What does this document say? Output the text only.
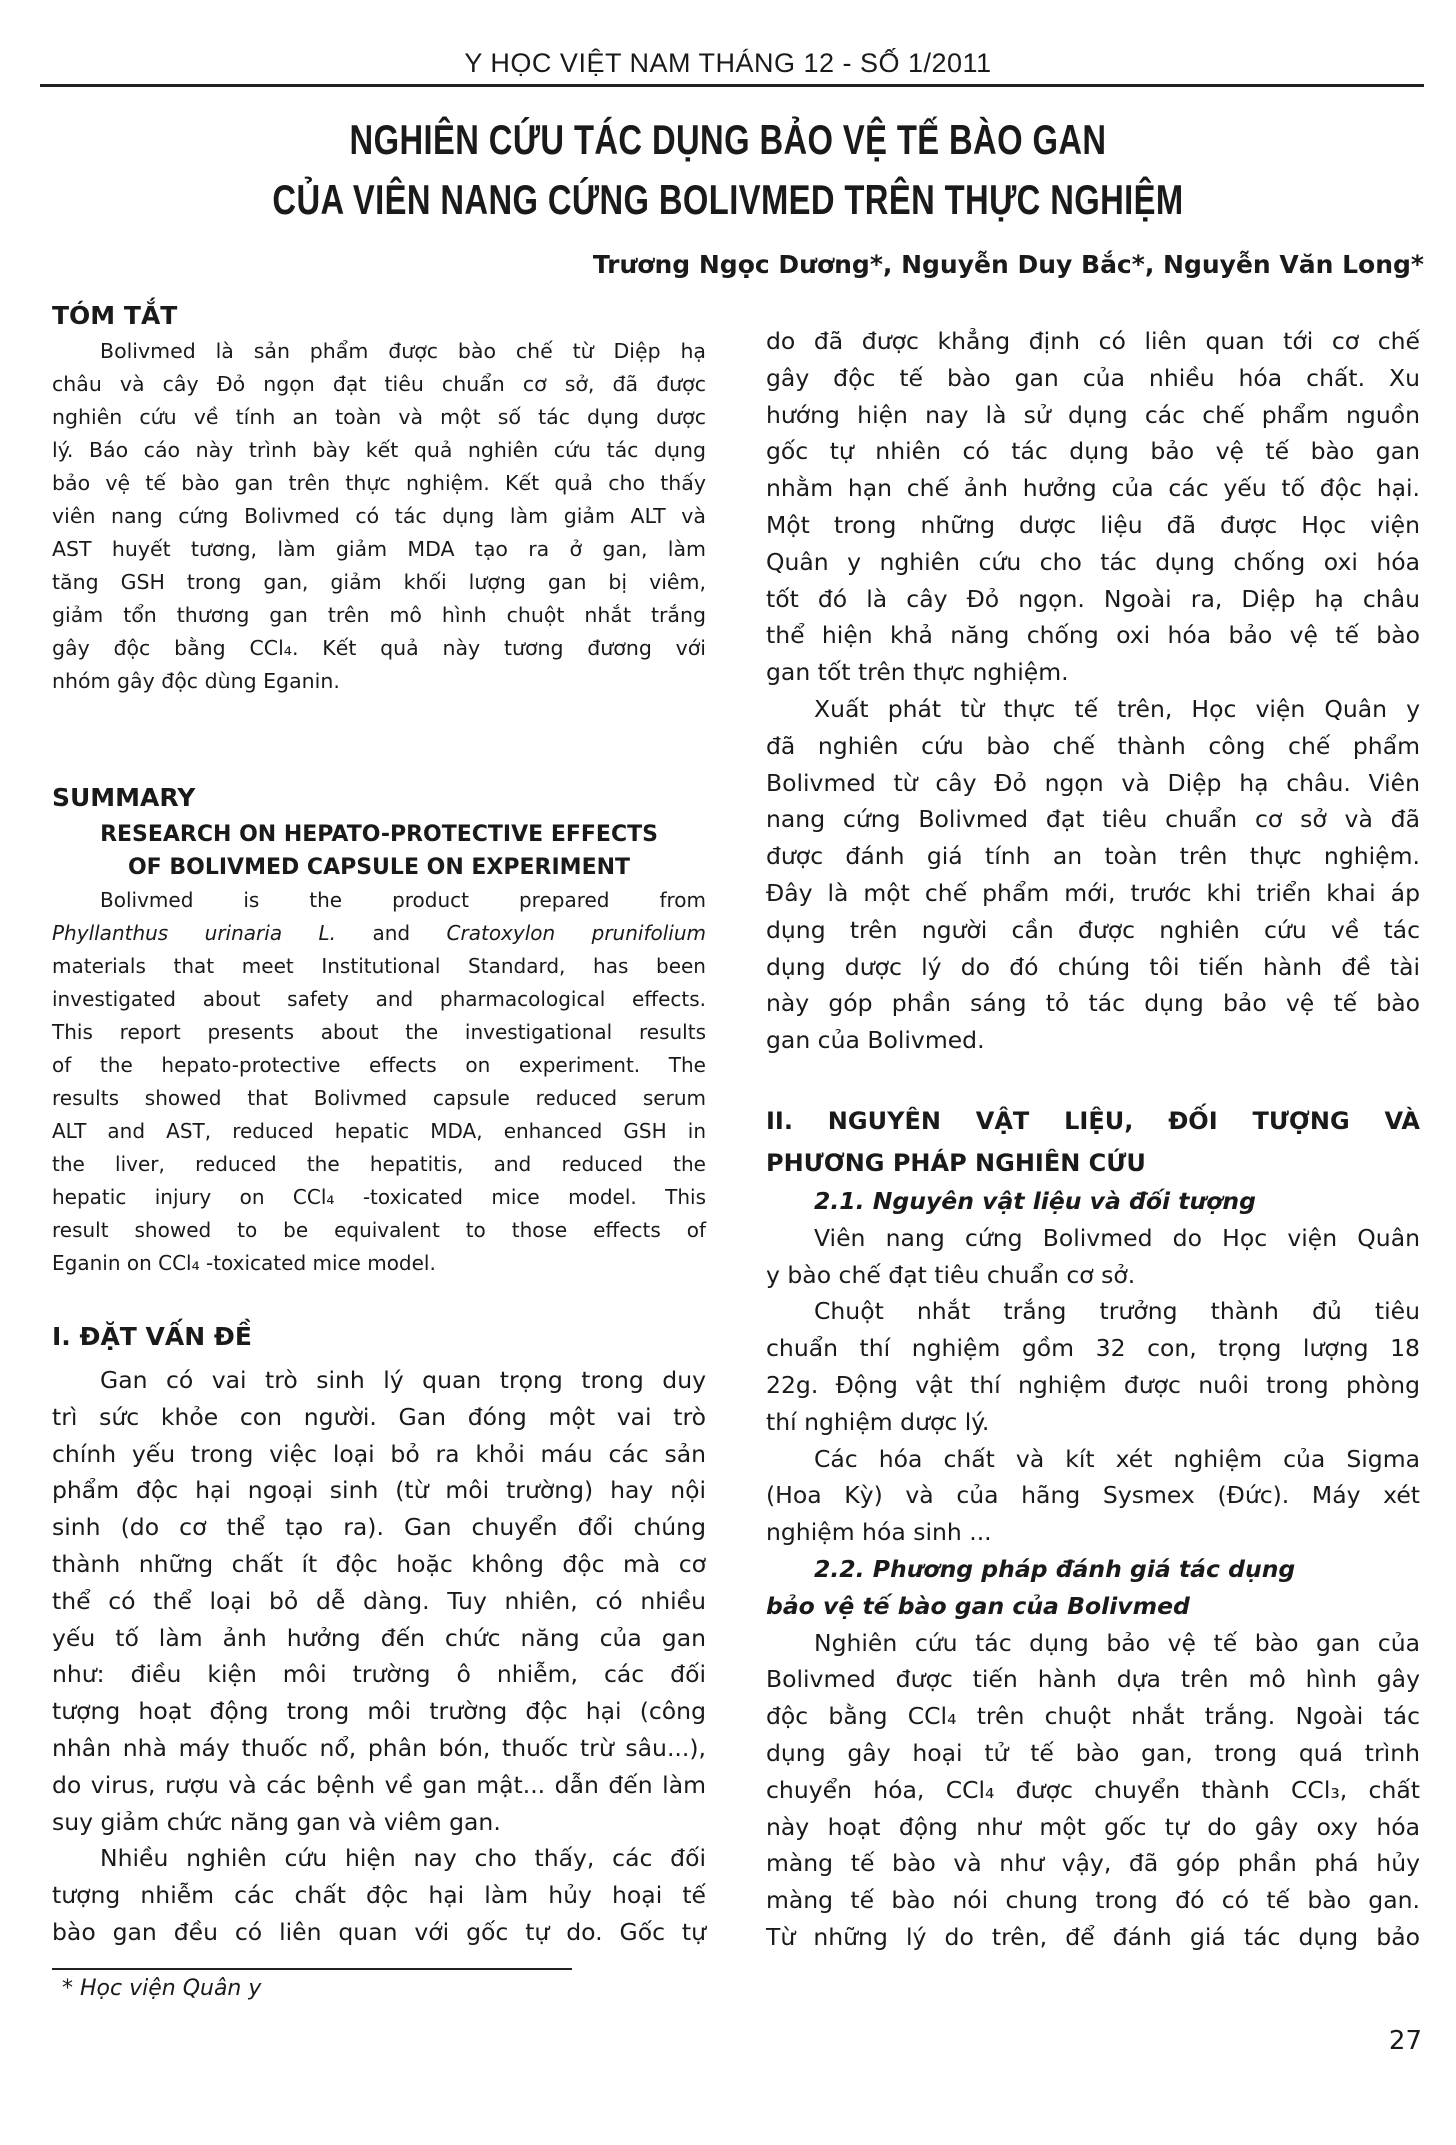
Y HỌC VIỆT NAM THÁNG 12 - SỐ 1/2011
NGHIÊN CỨU TÁC DỤNG BẢO VỆ TẾ BÀO GAN
CỦA VIÊN NANG CỨNG BOLIVMED TRÊN THỰC NGHIỆM
Trương Ngọc Dương*, Nguyễn Duy Bắc*, Nguyễn Văn Long*
TÓM TẮT
Bolivmed là sản phẩm được bào chế từ Diệp hạ
châu và cây Đỏ ngọn đạt tiêu chuẩn cơ sở, đã được
nghiên cứu về tính an toàn và một số tác dụng dược
lý. Báo cáo này trình bày kết quả nghiên cứu tác dụng
bảo vệ tế bào gan trên thực nghiệm. Kết quả cho thấy
viên nang cứng Bolivmed có tác dụng làm giảm ALT và
AST huyết tương, làm giảm MDA tạo ra ở gan, làm
tăng GSH trong gan, giảm khối lượng gan bị viêm,
giảm tổn thương gan trên mô hình chuột nhắt trắng
gây độc bằng CCl₄. Kết quả này tương đương với
nhóm gây độc dùng Eganin.
SUMMARY
RESEARCH ON HEPATO-PROTECTIVE EFFECTS
OF BOLIVMED CAPSULE ON EXPERIMENT
Bolivmed is the product prepared from
Phyllanthus urinaria L. and Cratoxylon prunifolium
materials that meet Institutional Standard, has been
investigated about safety and pharmacological effects.
This report presents about the investigational results
of the hepato-protective effects on experiment. The
results showed that Bolivmed capsule reduced serum
ALT and AST, reduced hepatic MDA, enhanced GSH in
the liver, reduced the hepatitis, and reduced the
hepatic injury on CCl₄ -toxicated mice model. This
result showed to be equivalent to those effects of
Eganin on CCl₄ -toxicated mice model.
I. ĐẶT VẤN ĐỀ
Gan có vai trò sinh lý quan trọng trong duy
trì sức khỏe con người. Gan đóng một vai trò
chính yếu trong việc loại bỏ ra khỏi máu các sản
phẩm độc hại ngoại sinh (từ môi trường) hay nội
sinh (do cơ thể tạo ra). Gan chuyển đổi chúng
thành những chất ít độc hoặc không độc mà cơ
thể có thể loại bỏ dễ dàng. Tuy nhiên, có nhiều
yếu tố làm ảnh hưởng đến chức năng của gan
như: điều kiện môi trường ô nhiễm, các đối
tượng hoạt động trong môi trường độc hại (công
nhân nhà máy thuốc nổ, phân bón, thuốc trừ sâu...),
do virus, rượu và các bệnh về gan mật... dẫn đến làm
suy giảm chức năng gan và viêm gan.
Nhiều nghiên cứu hiện nay cho thấy, các đối
tượng nhiễm các chất độc hại làm hủy hoại tế
bào gan đều có liên quan với gốc tự do. Gốc tự
do đã được khẳng định có liên quan tới cơ chế
gây độc tế bào gan của nhiều hóa chất. Xu
hướng hiện nay là sử dụng các chế phẩm nguồn
gốc tự nhiên có tác dụng bảo vệ tế bào gan
nhằm hạn chế ảnh hưởng của các yếu tố độc hại.
Một trong những dược liệu đã được Học viện
Quân y nghiên cứu cho tác dụng chống oxi hóa
tốt đó là cây Đỏ ngọn. Ngoài ra, Diệp hạ châu
thể hiện khả năng chống oxi hóa bảo vệ tế bào
gan tốt trên thực nghiệm.
Xuất phát từ thực tế trên, Học viện Quân y
đã nghiên cứu bào chế thành công chế phẩm
Bolivmed từ cây Đỏ ngọn và Diệp hạ châu. Viên
nang cứng Bolivmed đạt tiêu chuẩn cơ sở và đã
được đánh giá tính an toàn trên thực nghiệm.
Đây là một chế phẩm mới, trước khi triển khai áp
dụng trên người cần được nghiên cứu về tác
dụng dược lý do đó chúng tôi tiến hành đề tài
này góp phần sáng tỏ tác dụng bảo vệ tế bào
gan của Bolivmed.
II. NGUYÊN VẬT LIỆU, ĐỐI TƯỢNG VÀ
PHƯƠNG PHÁP NGHIÊN CỨU
2.1. Nguyên vật liệu và đối tượng
Viên nang cứng Bolivmed do Học viện Quân
y bào chế đạt tiêu chuẩn cơ sở.
Chuột nhắt trắng trưởng thành đủ tiêu
chuẩn thí nghiệm gồm 32 con, trọng lượng 18
22g. Động vật thí nghiệm được nuôi trong phòng
thí nghiệm dược lý.
Các hóa chất và kít xét nghiệm của Sigma
(Hoa Kỳ) và của hãng Sysmex (Đức). Máy xét
nghiệm hóa sinh ...
2.2. Phương pháp đánh giá tác dụng
bảo vệ tế bào gan của Bolivmed
Nghiên cứu tác dụng bảo vệ tế bào gan của
Bolivmed được tiến hành dựa trên mô hình gây
độc bằng CCl₄ trên chuột nhắt trắng. Ngoài tác
dụng gây hoại tử tế bào gan, trong quá trình
chuyển hóa, CCl₄ được chuyển thành CCl₃, chất
này hoạt động như một gốc tự do gây oxy hóa
màng tế bào và như vậy, đã góp phần phá hủy
màng tế bào nói chung trong đó có tế bào gan.
Từ những lý do trên, để đánh giá tác dụng bảo
* Học viện Quân y
27
